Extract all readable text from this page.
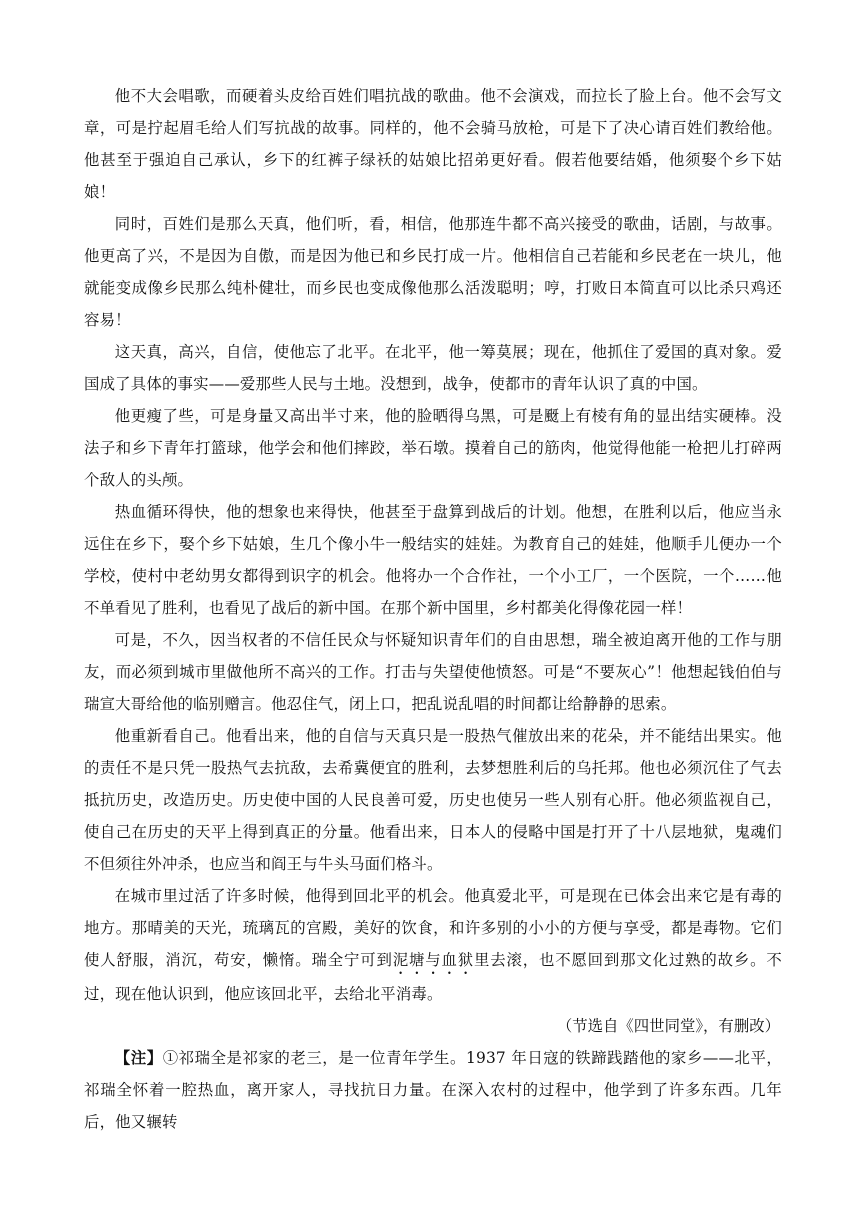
他不大会唱歌，而硬着头皮给百姓们唱抗战的歌曲。他不会演戏，而拉长了脸上台。他不会写文章，可是拧起眉毛给人们写抗战的故事。同样的，他不会骑马放枪，可是下了决心请百姓们教给他。他甚至于强迫自己承认，乡下的红裤子绿袄的姑娘比招弟更好看。假若他要结婚，他须娶个乡下姑娘！

同时，百姓们是那么天真，他们听，看，相信，他那连牛都不高兴接受的歌曲，话剧，与故事。他更高了兴，不是因为自傲，而是因为他已和乡民打成一片。他相信自己若能和乡民老在一块儿，他就能变成像乡民那么纯朴健壮，而乡民也变成像他那么活泼聪明；哼，打败日本简直可以比杀只鸡还容易！

这天真，高兴，自信，使他忘了北平。在北平，他一筹莫展；现在，他抓住了爱国的真对象。爱国成了具体的事实——爱那些人民与土地。没想到，战争，使都市的青年认识了真的中国。

他更瘦了些，可是身量又高出半寸来，他的脸晒得乌黑，可是颬上有棱有角的显出结实硬棒。没法子和乡下青年打篮球，他学会和他们摔跤，举石墩。摸着自己的筋肉，他觉得他能一枪把儿打碎两个敌人的头颅。

热血循环得快，他的想象也来得快，他甚至于盘算到战后的计划。他想，在胜利以后，他应当永远住在乡下，娶个乡下姑娘，生几个像小牛一般结实的娃娃。为教育自己的娃娃，他顺手儿便办一个学校，使村中老幼男女都得到识字的机会。他将办一个合作社，一个小工厂，一个医院，一个……他不单看见了胜利，也看见了战后的新中国。在那个新中国里，乡村都美化得像花园一样！

可是，不久，因当权者的不信任民众与怀疑知识青年们的自由思想，瑞全被迫离开他的工作与朋友，而必须到城市里做他所不高兴的工作。打击与失望使他愤怒。可是“不要灰心”！他想起钱伯伯与瑞宣大哥给他的临别赠言。他忍住气，闭上口，把乱说乱唱的时间都让给静静的思索。

他重新看自己。他看出来，他的自信与天真只是一股热气催放出来的花朵，并不能结出果实。他的责任不是只凭一股热气去抗敌，去希冀便宜的胜利，去梦想胜利后的乌托邦。他也必须沉住了气去抵抗历史，改造历史。历史使中国的人民良善可爱，历史也使另一些人别有心肝。他必须监视自己，使自己在历史的天平上得到真正的分量。他看出来，日本人的侵略中国是打开了十八层地狱，鬼魂们不但须往外冲杀，也应当和阎王与牛头马面们格斗。

在城市里过活了许多时候，他得到回北平的机会。他真爱北平，可是现在已体会出来它是有毒的地方。那晴美的天光，琉璃瓦的宫殿，美好的饮食，和许多别的小小的方便与享受，都是毒物。它们使人舒服，消沉，苟安，懒惰。瑞全宁可到泥塘与血狱里去滚，也不愿回到那文化过熟的故乡。不过，现在他认识到，他应该回北平，去给北平消毒。

（节选自《四世同堂》，有删改）

【注】①祁瑞全是祁家的老三，是一位青年学生。1937 年日寇的铁蹄践踏他的家乡——北平，祁瑞全怀着一腔热血，离开家人，寻找抗日力量。在深入农村的过程中，他学到了许多东西。几年后，他又辗转
